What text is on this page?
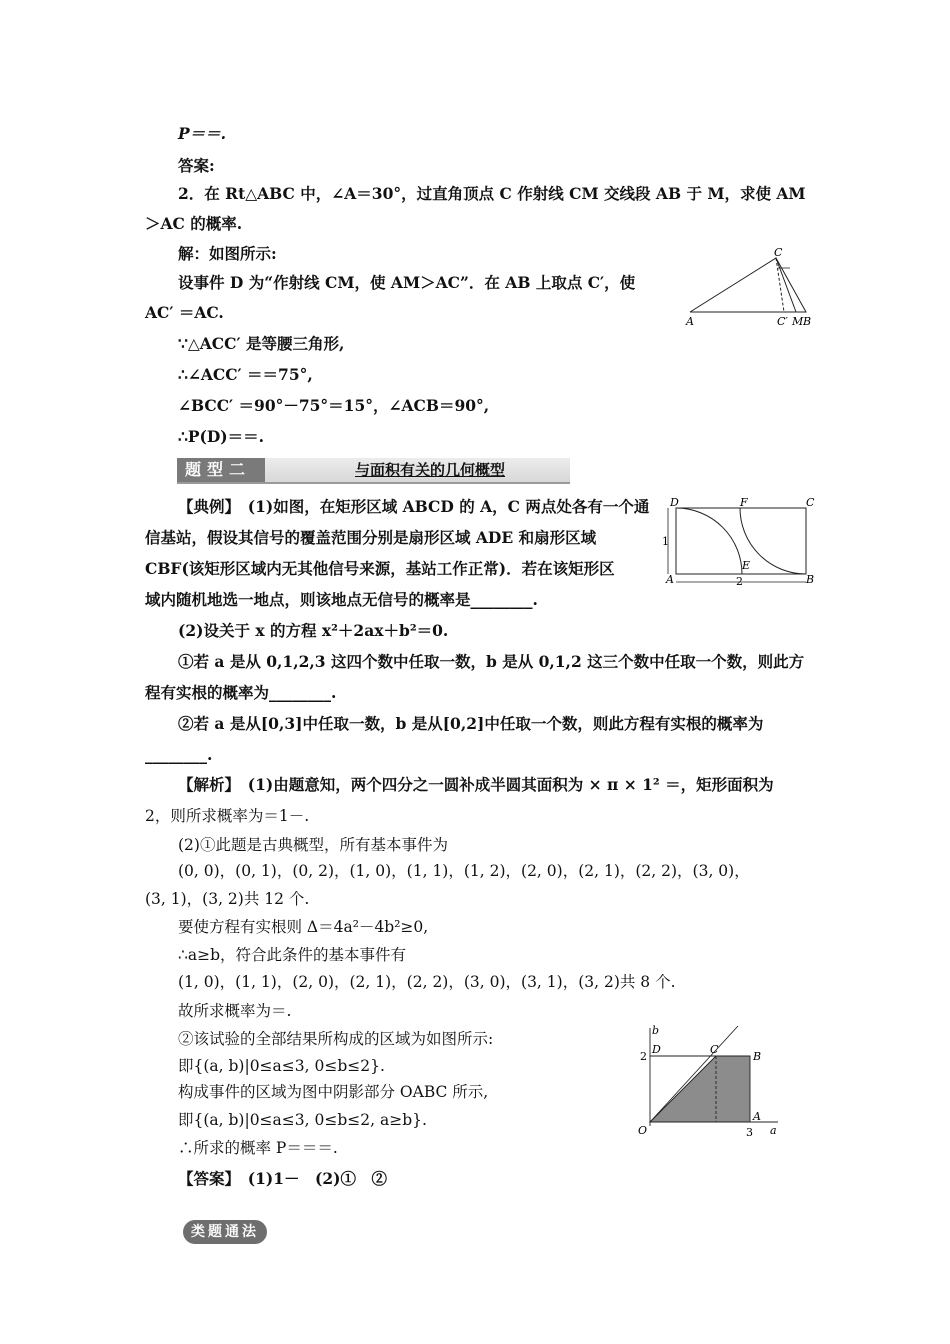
P＝＝.
答案:
2．在 Rt△ABC 中，∠A＝30°，过直角顶点 C 作射线 CM 交线段 AB 于 M，求使 AM
＞AC 的概率.
解：如图所示:
设事件 D 为“作射线 CM，使 AM＞AC”．在 AB 上取点 C′，使
AC′ ＝AC.
∵△ACC′ 是等腰三角形,
∴∠ACC′ ＝＝75°,
∠BCC′ ＝90°－75°＝15°，∠ACB＝90°,
∴P(D)＝＝.
A
C
C′ M B
题型二	与面积有关的几何概型
【典例】　(1)如图，在矩形区域 ABCD 的 A，C 两点处各有一个通
信基站，假设其信号的覆盖范围分别是扇形区域 ADE 和扇形区域
CBF(该矩形区域内无其他信号来源，基站工作正常)．若在该矩形区
域内随机地选一地点，则该地点无信号的概率是________.
(2)设关于 x 的方程 x²＋2ax＋b²＝0.
①若 a 是从 0,1,2,3 这四个数中任取一数，b 是从 0,1,2 这三个数中任取一个数，则此方
程有实根的概率为________.
②若 a 是从[0,3]中任取一数，b 是从[0,2]中任取一个数，则此方程有实根的概率为
________.
D	F	C
A
E
B
1
2
【解析】　(1)由题意知，两个四分之一圆补成半圆其面积为 × π × 1² ＝，矩形面积为
2，则所求概率为＝1－.
(2)①此题是古典概型，所有基本事件为
(0, 0)，(0, 1)，(0, 2)，(1, 0)，(1, 1)，(1, 2)，(2, 0)，(2, 1)，(2, 2)，(3, 0)，
(3, 1)，(3, 2)共 12 个.
要使方程有实根则 Δ＝4a²－4b²≥0,
∴a≥b，符合此条件的基本事件有
(1, 0)，(1, 1)，(2, 0)，(2, 1)，(2, 2)，(3, 0)，(3, 1)，(3, 2)共 8 个.
故所求概率为＝.
②该试验的全部结果所构成的区域为如图所示:
即{(a, b)|0≤a≤3, 0≤b≤2}.
构成事件的区域为图中阴影部分 OABC 所示,
即{(a, b)|0≤a≤3, 0≤b≤2, a≥b}.
∴所求的概率 P＝＝＝.
【答案】　(1)1－　(2)①　②
b
2
D	C
B
A
O	3 a
类题通法
